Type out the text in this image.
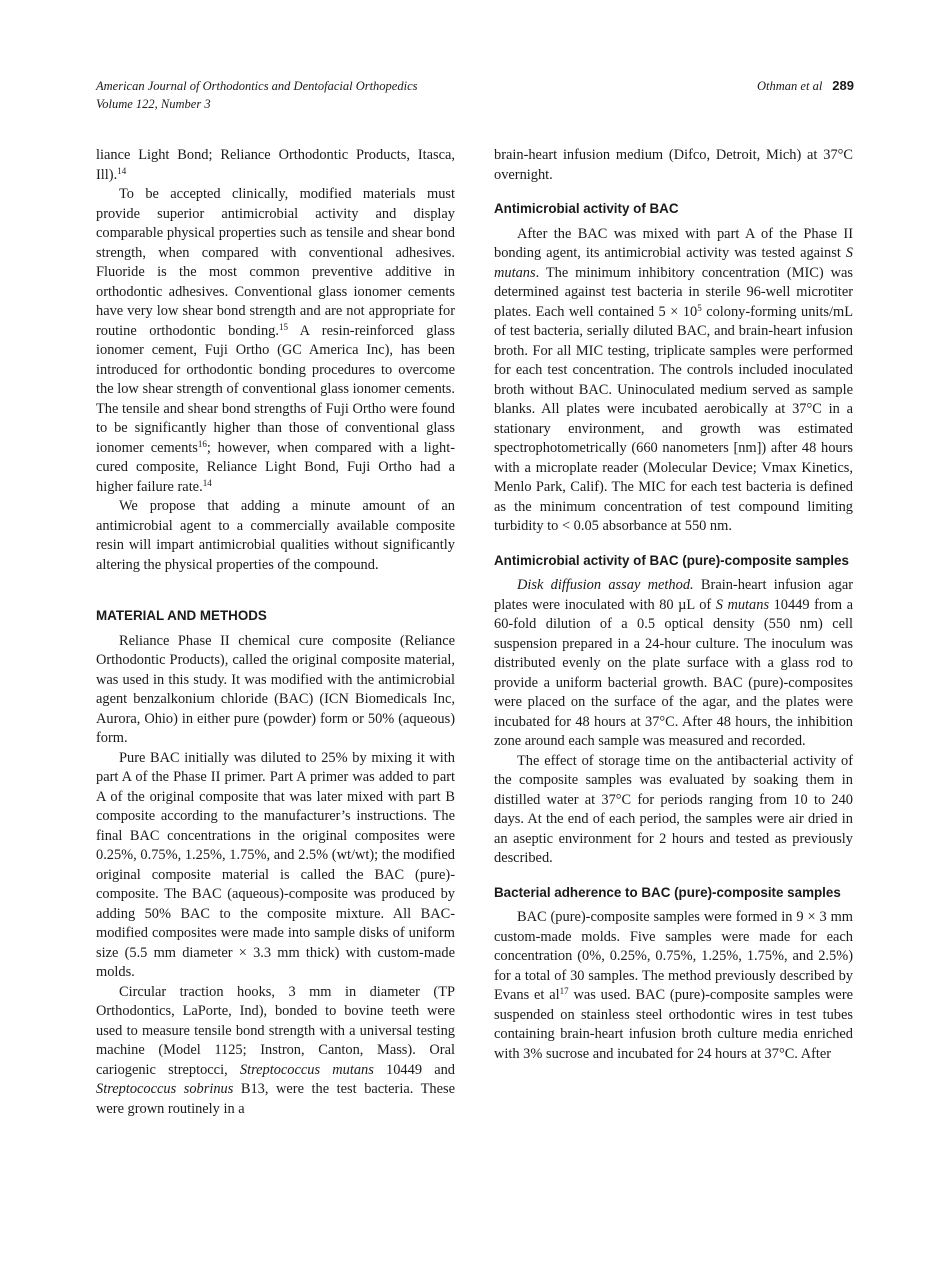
American Journal of Orthodontics and Dentofacial Orthopedics
Volume 122, Number 3
Othman et al 289

liance Light Bond; Reliance Orthodontic Products, Itasca, Ill).$^{14}$

To be accepted clinically, modified materials must provide superior antimicrobial activity and display comparable physical properties such as tensile and shear bond strength, when compared with conventional adhesives. Fluoride is the most common preventive additive in orthodontic adhesives. Conventional glass ionomer cements have very low shear bond strength and are not appropriate for routine orthodontic bonding.$^{15}$ A resin-reinforced glass ionomer cement, Fuji Ortho (GC America Inc), has been introduced for orthodontic bonding procedures to overcome the low shear strength of conventional glass ionomer cements. The tensile and shear bond strengths of Fuji Ortho were found to be significantly higher than those of conventional glass ionomer cements$^{16}$; however, when compared with a light-cured composite, Reliance Light Bond, Fuji Ortho had a higher failure rate.$^{14}$

We propose that adding a minute amount of an antimicrobial agent to a commercially available composite resin will impart antimicrobial qualities without significantly altering the physical properties of the compound.

MATERIAL AND METHODS

Reliance Phase II chemical cure composite (Reliance Orthodontic Products), called the original composite material, was used in this study. It was modified with the antimicrobial agent benzalkonium chloride (BAC) (ICN Biomedicals Inc, Aurora, Ohio) in either pure (powder) form or 50% (aqueous) form.

Pure BAC initially was diluted to 25% by mixing it with part A of the Phase II primer. Part A primer was added to part A of the original composite that was later mixed with part B composite according to the manufacturer’s instructions. The final BAC concentrations in the original composites were 0.25%, 0.75%, 1.25%, 1.75%, and 2.5% (wt/wt); the modified original composite material is called the BAC (pure)-composite. The BAC (aqueous)-composite was produced by adding 50% BAC to the composite mixture. All BAC-modified composites were made into sample disks of uniform size (5.5 mm diameter × 3.3 mm thick) with custom-made molds.

Circular traction hooks, 3 mm in diameter (TP Orthodontics, LaPorte, Ind), bonded to bovine teeth were used to measure tensile bond strength with a universal testing machine (Model 1125; Instron, Canton, Mass). Oral cariogenic streptocci, Streptococcus mutans 10449 and Streptococcus sobrinus B13, were the test bacteria. These were grown routinely in a

brain-heart infusion medium (Difco, Detroit, Mich) at 37°C overnight.

Antimicrobial activity of BAC

After the BAC was mixed with part A of the Phase II bonding agent, its antimicrobial activity was tested against S mutans. The minimum inhibitory concentration (MIC) was determined against test bacteria in sterile 96-well microtiter plates. Each well contained $5 \times 10^5$ colony-forming units/mL of test bacteria, serially diluted BAC, and brain-heart infusion broth. For all MIC testing, triplicate samples were performed for each test concentration. The controls included inoculated broth without BAC. Uninoculated medium served as sample blanks. All plates were incubated aerobically at 37°C in a stationary environment, and growth was estimated spectrophotometrically (660 nanometers [nm]) after 48 hours with a microplate reader (Molecular Device; Vmax Kinetics, Menlo Park, Calif). The MIC for each test bacteria is defined as the minimum concentration of test compound limiting turbidity to < 0.05 absorbance at 550 nm.

Antimicrobial activity of BAC (pure)-composite samples

Disk diffusion assay method. Brain-heart infusion agar plates were inoculated with 80 µL of S mutans 10449 from a 60-fold dilution of a 0.5 optical density (550 nm) cell suspension prepared in a 24-hour culture. The inoculum was distributed evenly on the plate surface with a glass rod to provide a uniform bacterial growth. BAC (pure)-composites were placed on the surface of the agar, and the plates were incubated for 48 hours at 37°C. After 48 hours, the inhibition zone around each sample was measured and recorded.

The effect of storage time on the antibacterial activity of the composite samples was evaluated by soaking them in distilled water at 37°C for periods ranging from 10 to 240 days. At the end of each period, the samples were air dried in an aseptic environment for 2 hours and tested as previously described.

Bacterial adherence to BAC (pure)-composite samples

BAC (pure)-composite samples were formed in 9 × 3 mm custom-made molds. Five samples were made for each concentration (0%, 0.25%, 0.75%, 1.25%, 1.75%, and 2.5%) for a total of 30 samples. The method previously described by Evans et $al^{17}$ was used. BAC (pure)-composite samples were suspended on stainless steel orthodontic wires in test tubes containing brain-heart infusion broth culture media enriched with 3% sucrose and incubated for 24 hours at 37°C. After
